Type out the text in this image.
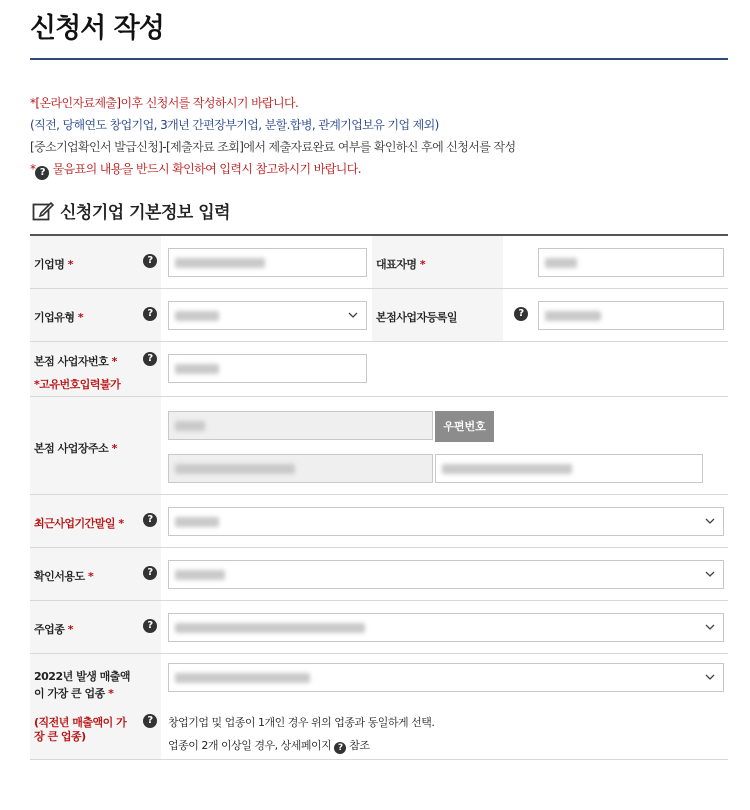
신청서 작성
*[온라인자료제출]이후 신청서를 작성하시기 바랍니다.
(직전, 당해연도 창업기업, 3개년 간편장부기업, 분할.합병, 관계기업보유 기업 제외)
[중소기업확인서 발급신청]-[제출자료 조회]에서 제출자료완료 여부를 확인하신 후에 신청서를 작성
* ? 물음표의 내용을 반드시 확인하여 입력시 참고하시기 바랍니다.
신청기업 기본정보 입력
기업명 *	?	대표자명 *
기업유형 *	?	본점사업자등록일	?
본점 사업자번호 *
*고유번호입력불가
?
본점 사업장주소 *
우편번호
최근사업기간말일 *	?
확인서용도 *	?
주업종 *	?
2022년 발생 매출액이 가장 큰 업종 *
(직전년 매출액이 가장 큰 업종)
?	창업기업 및 업종이 1개인 경우 위의 업종과 동일하게 선택.
업종이 2개 이상일 경우, 상세페이지 ? 참조
